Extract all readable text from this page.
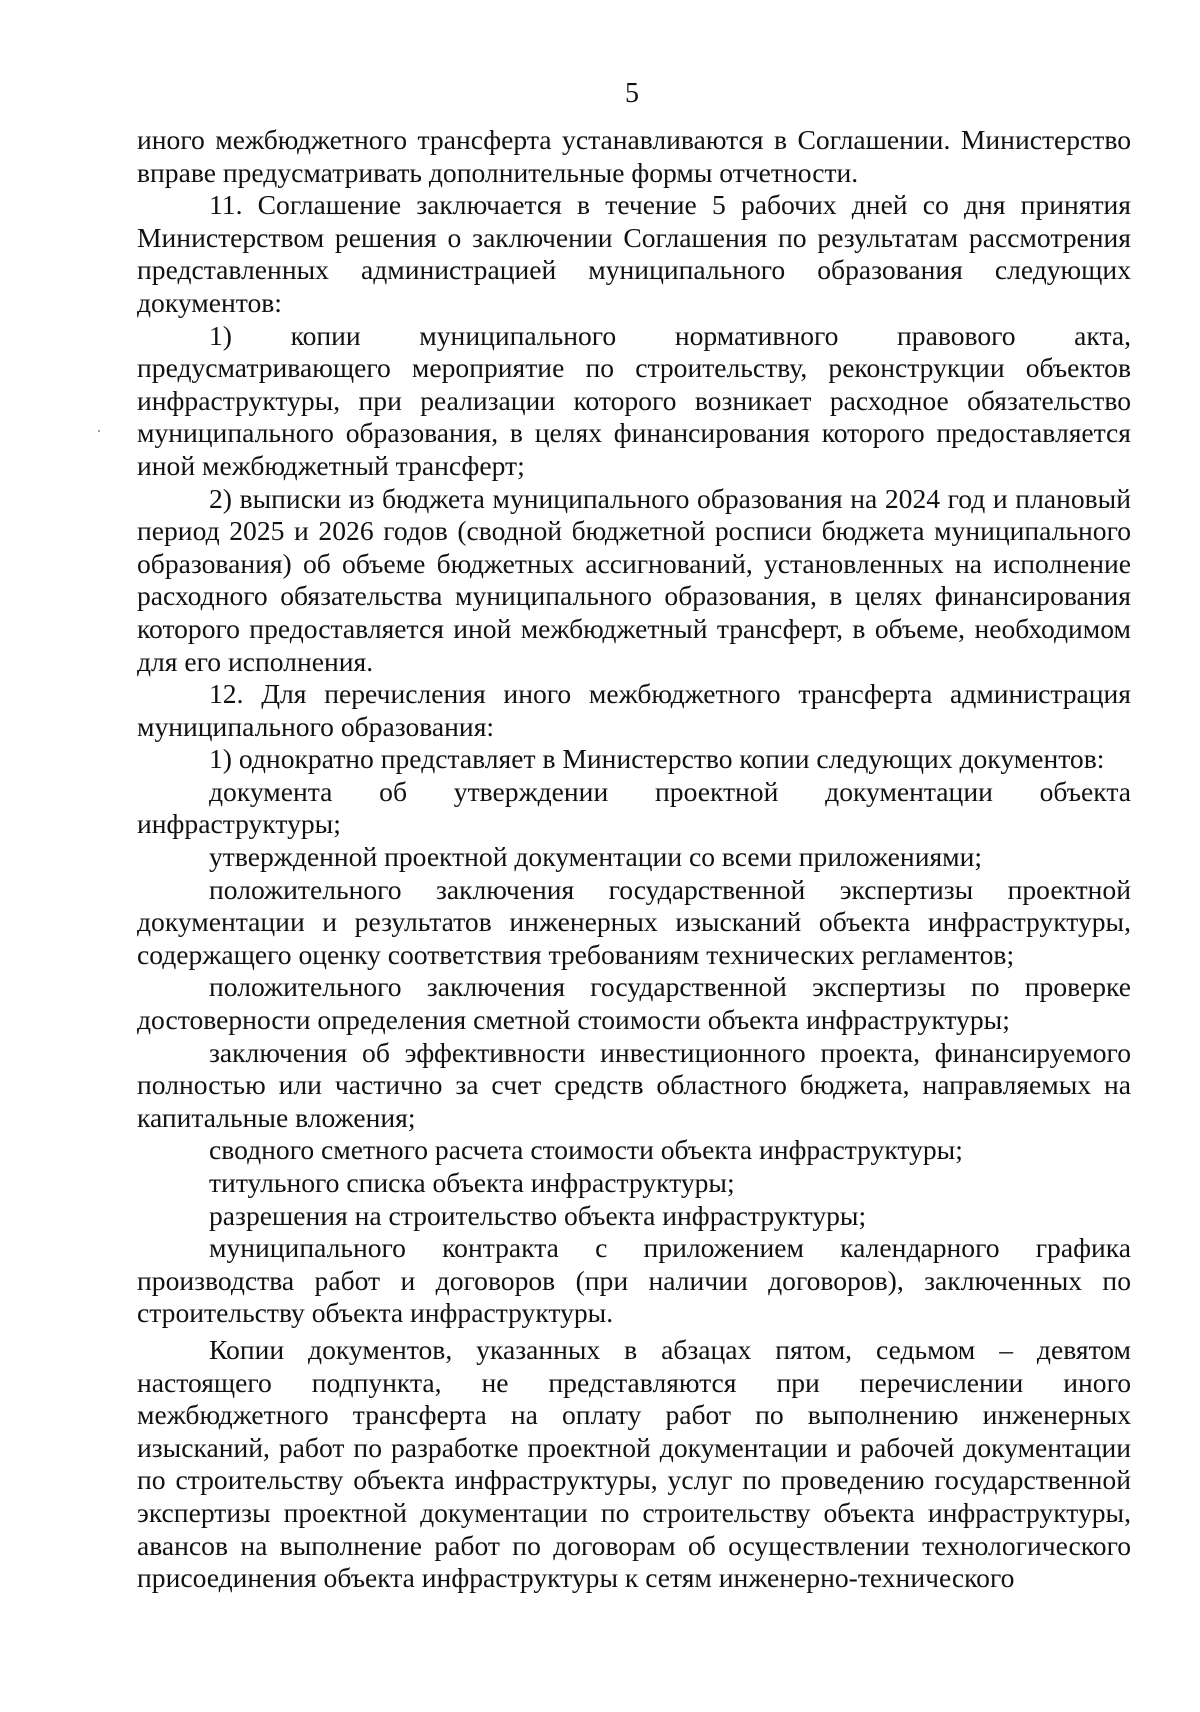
5

иного межбюджетного трансферта устанавливаются в Соглашении. Министерство вправе предусматривать дополнительные формы отчетности.

11. Соглашение заключается в течение 5 рабочих дней со дня принятия Министерством решения о заключении Соглашения по результатам рассмотрения представленных администрацией муниципального образования следующих документов:

1) копии муниципального нормативного правового акта, предусматривающего мероприятие по строительству, реконструкции объектов инфраструктуры, при реализации которого возникает расходное обязательство муниципального образования, в целях финансирования которого предоставляется иной межбюджетный трансферт;

2) выписки из бюджета муниципального образования на 2024 год и плановый период 2025 и 2026 годов (сводной бюджетной росписи бюджета муниципального образования) об объеме бюджетных ассигнований, установленных на исполнение расходного обязательства муниципального образования, в целях финансирования которого предоставляется иной межбюджетный трансферт, в объеме, необходимом для его исполнения.

12. Для перечисления иного межбюджетного трансферта администрация муниципального образования:

1) однократно представляет в Министерство копии следующих документов:

документа об утверждении проектной документации объекта инфраструктуры;

утвержденной проектной документации со всеми приложениями;

положительного заключения государственной экспертизы проектной документации и результатов инженерных изысканий объекта инфраструктуры, содержащего оценку соответствия требованиям технических регламентов;

положительного заключения государственной экспертизы по проверке достоверности определения сметной стоимости объекта инфраструктуры;

заключения об эффективности инвестиционного проекта, финансируемого полностью или частично за счет средств областного бюджета, направляемых на капитальные вложения;

сводного сметного расчета стоимости объекта инфраструктуры;

титульного списка объекта инфраструктуры;

разрешения на строительство объекта инфраструктуры;

муниципального контракта с приложением календарного графика производства работ и договоров (при наличии договоров), заключенных по строительству объекта инфраструктуры.

Копии документов, указанных в абзацах пятом, седьмом – девятом настоящего подпункта, не представляются при перечислении иного межбюджетного трансферта на оплату работ по выполнению инженерных изысканий, работ по разработке проектной документации и рабочей документации по строительству объекта инфраструктуры, услуг по проведению государственной экспертизы проектной документации по строительству объекта инфраструктуры, авансов на выполнение работ по договорам об осуществлении технологического присоединения объекта инфраструктуры к сетям инженерно-технического
